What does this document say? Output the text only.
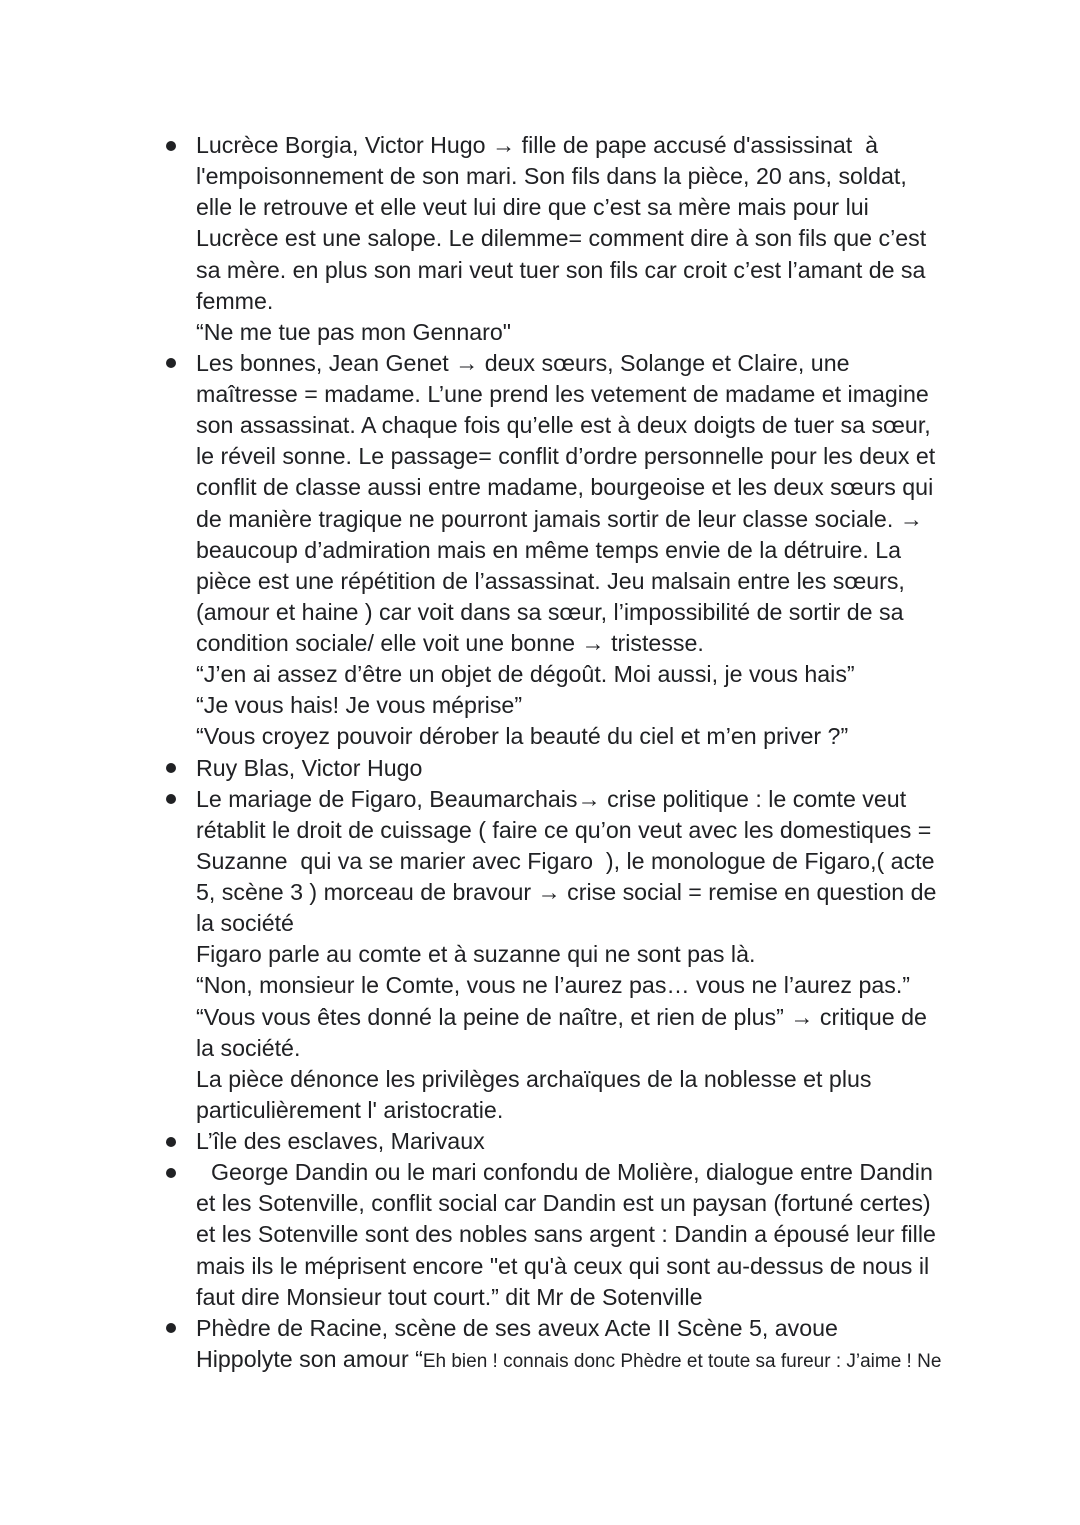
Lucrèce Borgia, Victor Hugo → fille de pape accusé d'assissinat  à
l'empoisonnement de son mari. Son fils dans la pièce, 20 ans, soldat,
elle le retrouve et elle veut lui dire que c’est sa mère mais pour lui
Lucrèce est une salope. Le dilemme= comment dire à son fils que c’est
sa mère. en plus son mari veut tuer son fils car croit c’est l’amant de sa
femme.
“Ne me tue pas mon Gennaro"
Les bonnes, Jean Genet → deux sœurs, Solange et Claire, une
maîtresse = madame. L’une prend les vetement de madame et imagine
son assassinat. A chaque fois qu’elle est à deux doigts de tuer sa sœur,
le réveil sonne. Le passage= conflit d’ordre personnelle pour les deux et
conflit de classe aussi entre madame, bourgeoise et les deux sœurs qui
de manière tragique ne pourront jamais sortir de leur classe sociale. →
beaucoup d’admiration mais en même temps envie de la détruire. La
pièce est une répétition de l’assassinat. Jeu malsain entre les sœurs,
(amour et haine ) car voit dans sa sœur, l’impossibilité de sortir de sa
condition sociale/ elle voit une bonne → tristesse.
“J’en ai assez d’être un objet de dégoût. Moi aussi, je vous hais”
“Je vous hais! Je vous méprise”
“Vous croyez pouvoir dérober la beauté du ciel et m’en priver ?”
Ruy Blas, Victor Hugo
Le mariage de Figaro, Beaumarchais→ crise politique : le comte veut
rétablit le droit de cuissage ( faire ce qu’on veut avec les domestiques =
Suzanne  qui va se marier avec Figaro  ), le monologue de Figaro,( acte
5, scène 3 ) morceau de bravour → crise social = remise en question de
la société
Figaro parle au comte et à suzanne qui ne sont pas là.
“Non, monsieur le Comte, vous ne l’aurez pas… vous ne l’aurez pas.”
“Vous vous êtes donné la peine de naître, et rien de plus” → critique de
la société.
La pièce dénonce les privilèges archaïques de la noblesse et plus
particulièrement l' aristocratie.
L’île des esclaves, Marivaux
George Dandin ou le mari confondu de Molière, dialogue entre Dandin
et les Sotenville, conflit social car Dandin est un paysan (fortuné certes)
et les Sotenville sont des nobles sans argent : Dandin a épousé leur fille
mais ils le méprisent encore "et qu'à ceux qui sont au-dessus de nous il
faut dire Monsieur tout court.” dit Mr de Sotenville
Phèdre de Racine, scène de ses aveux Acte II Scène 5, avoue
Hippolyte son amour “Eh bien ! connais donc Phèdre et toute sa fureur : J’aime ! Ne
